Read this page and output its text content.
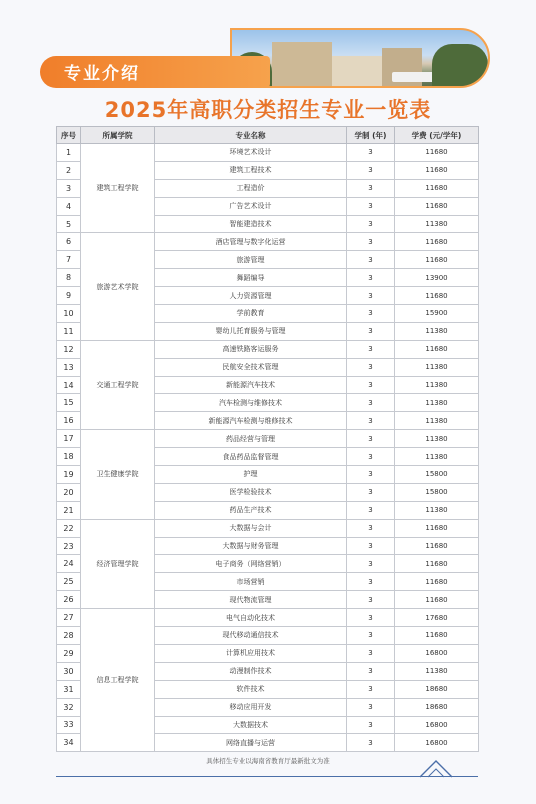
专业介绍
2025年高职分类招生专业一览表
序号	所属学院	专业名称	学制 (年)	学费 (元/学年)
1	建筑工程学院	环境艺术设计	3	11680
2		建筑工程技术	3	11680
3		工程造价	3	11680
4		广告艺术设计	3	11680
5		智能建造技术	3	11380
6	旅游艺术学院	酒店管理与数字化运营	3	11680
7		旅游管理	3	11680
8		舞蹈编导	3	13900
9		人力资源管理	3	11680
10		学前教育	3	15900
11		婴幼儿托育服务与管理	3	11380
12	交通工程学院	高速铁路客运服务	3	11680
13		民航安全技术管理	3	11380
14		新能源汽车技术	3	11380
15		汽车检测与维修技术	3	11380
16		新能源汽车检测与维修技术	3	11380
17	卫生健康学院	药品经营与管理	3	11380
18		食品药品监督管理	3	11380
19		护理	3	15800
20		医学检验技术	3	15800
21		药品生产技术	3	11380
22	经济管理学院	大数据与会计	3	11680
23		大数据与财务管理	3	11680
24		电子商务（网络营销）	3	11680
25		市场营销	3	11680
26		现代物流管理	3	11680
27	信息工程学院	电气自动化技术	3	17680
28		现代移动通信技术	3	11680
29		计算机应用技术	3	16800
30		动漫制作技术	3	11380
31		软件技术	3	18680
32		移动应用开发	3	18680
33		大数据技术	3	16800
34		网络直播与运营	3	16800
具体招生专业以海南省教育厅最新批文为准
